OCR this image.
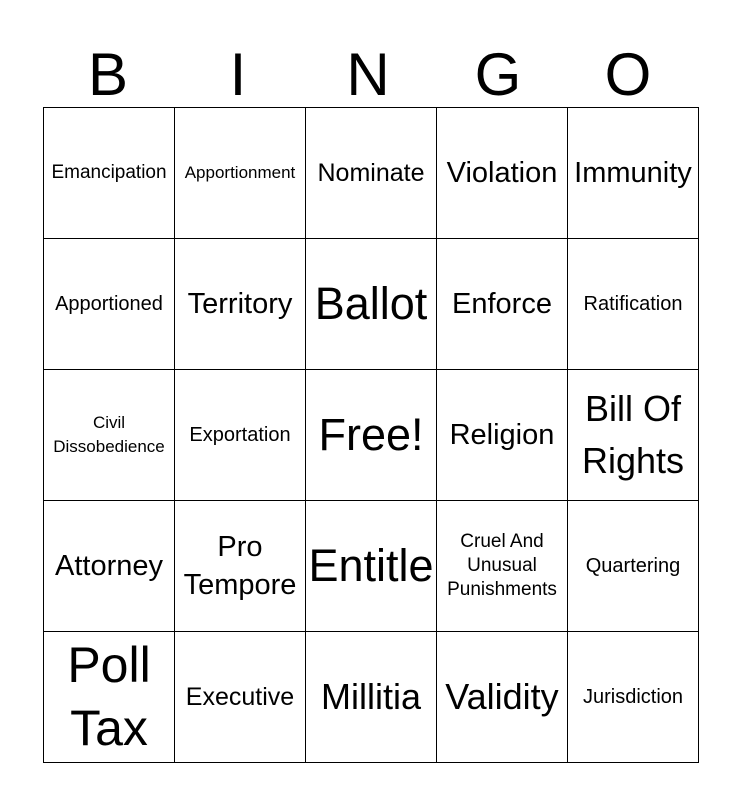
B	I	N	G	O
Emancipation	Apportionment	Nominate	Violation	Immunity

Apportioned	Territory	Ballot	Enforce	Ratification

Civil Dissobedience	Exportation	Free!	Religion	Bill Of Rights

Attorney	Pro Tempore	Entitle	Cruel And Unusual Punishments	Quartering

Poll Tax	Executive	Millitia	Validity	Jurisdiction
